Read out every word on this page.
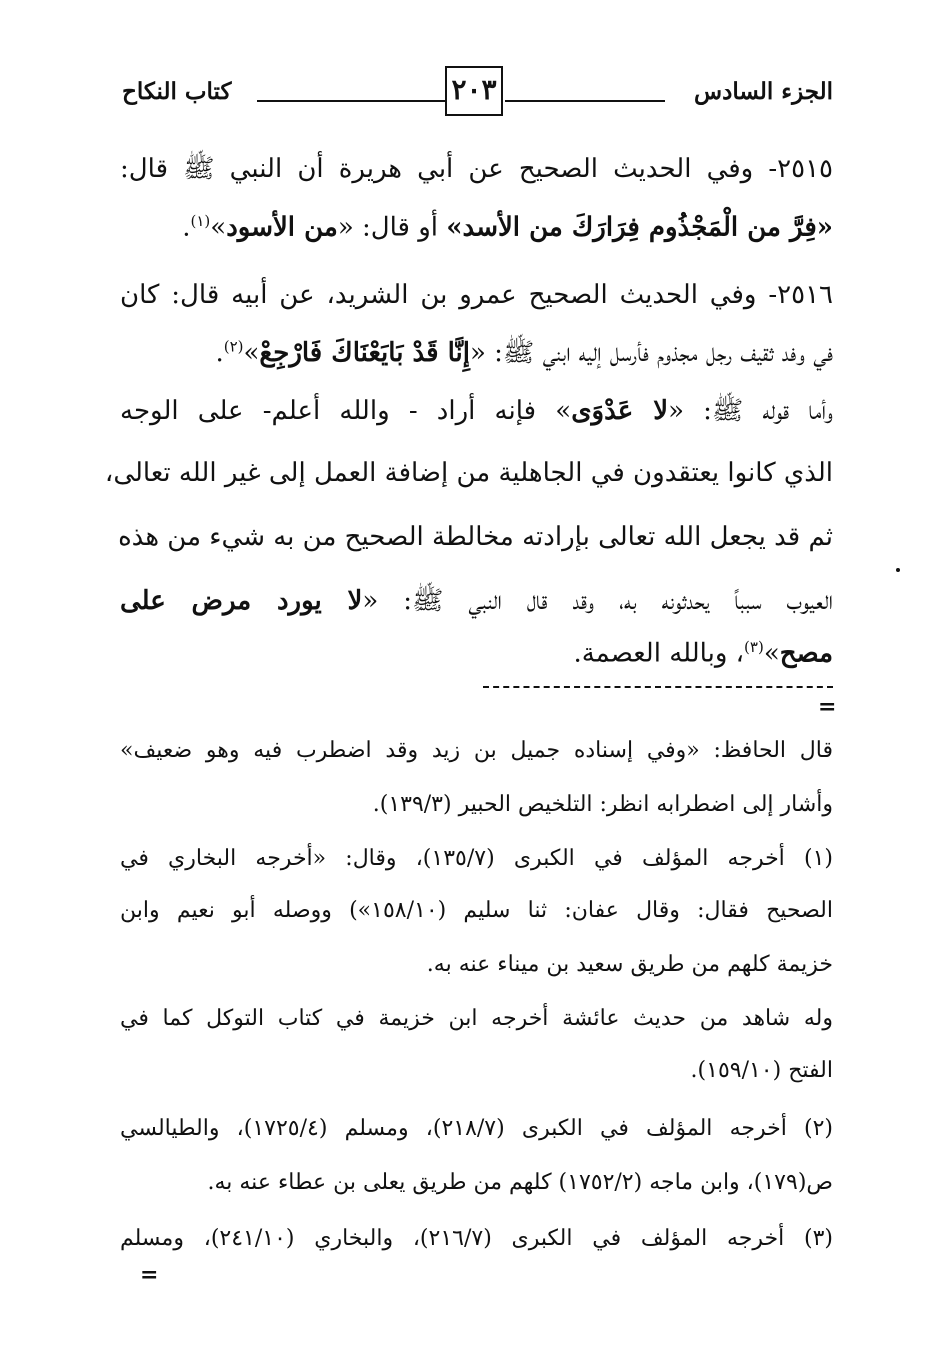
الجزء السادس
٢٠٣
كتاب النكاح
٢٥١٥- وفي الحديث الصحيح عن أبي هريرة أن النبي ﷺ قال:
«فِرَّ من الْمَجْذُوم فِرَارَكَ من الأسد» أو قال: «من الأسود»$^{(١)}$.
٢٥١٦- وفي الحديث الصحيح عمرو بن الشريد، عن أبيه قال: كان
في وفد ثقيف رجل مجذوم فأرسل إليه ابني ﷺ: «إِنَّا قَدْ بَايَعْنَاكَ فَارْجِعْ»$^{(٢)}$.
وأما قوله ﷺ: «لا عَدْوَى» فإنه أراد - والله أعلم- على الوجه
الذي كانوا يعتقدون في الجاهلية من إضافة العمل إلى غير الله تعالى،
ثم قد يجعل الله تعالى بإرادته مخالطة الصحيح من به شيء من هذه
العيوب سبباً يحدثونه به، وقد قال النبي ﷺ: «لا يورد مرض على
مصح»$^{(٣)}$، وبالله العصمة.
=
قال الحافظ: «وفي إسناده جميل بن زيد وقد اضطرب فيه وهو ضعيف»
وأشار إلى اضطرابه انظر: التلخيص الحبير (١٣٩/٣).
(١) أخرجه المؤلف في الكبرى (١٣٥/٧)، وقال: «أخرجه البخاري في
الصحيح فقال: وقال عفان: ثنا سليم (١٥٨/١٠») ووصله أبو نعيم وابن
خزيمة كلهم من طريق سعيد بن ميناء عنه به.
وله شاهد من حديث عائشة أخرجه ابن خزيمة في كتاب التوكل كما في
الفتح (١٥٩/١٠).
(٢) أخرجه المؤلف في الكبرى (٢١٨/٧)، ومسلم (١٧٢٥/٤)، والطيالسي
ص(١٧٩)، وابن ماجه (١٧٥٢/٢) كلهم من طريق يعلى بن عطاء عنه به.
(٣) أخرجه المؤلف في الكبرى (٢١٦/٧)، والبخاري (٢٤١/١٠)، ومسلم
=
